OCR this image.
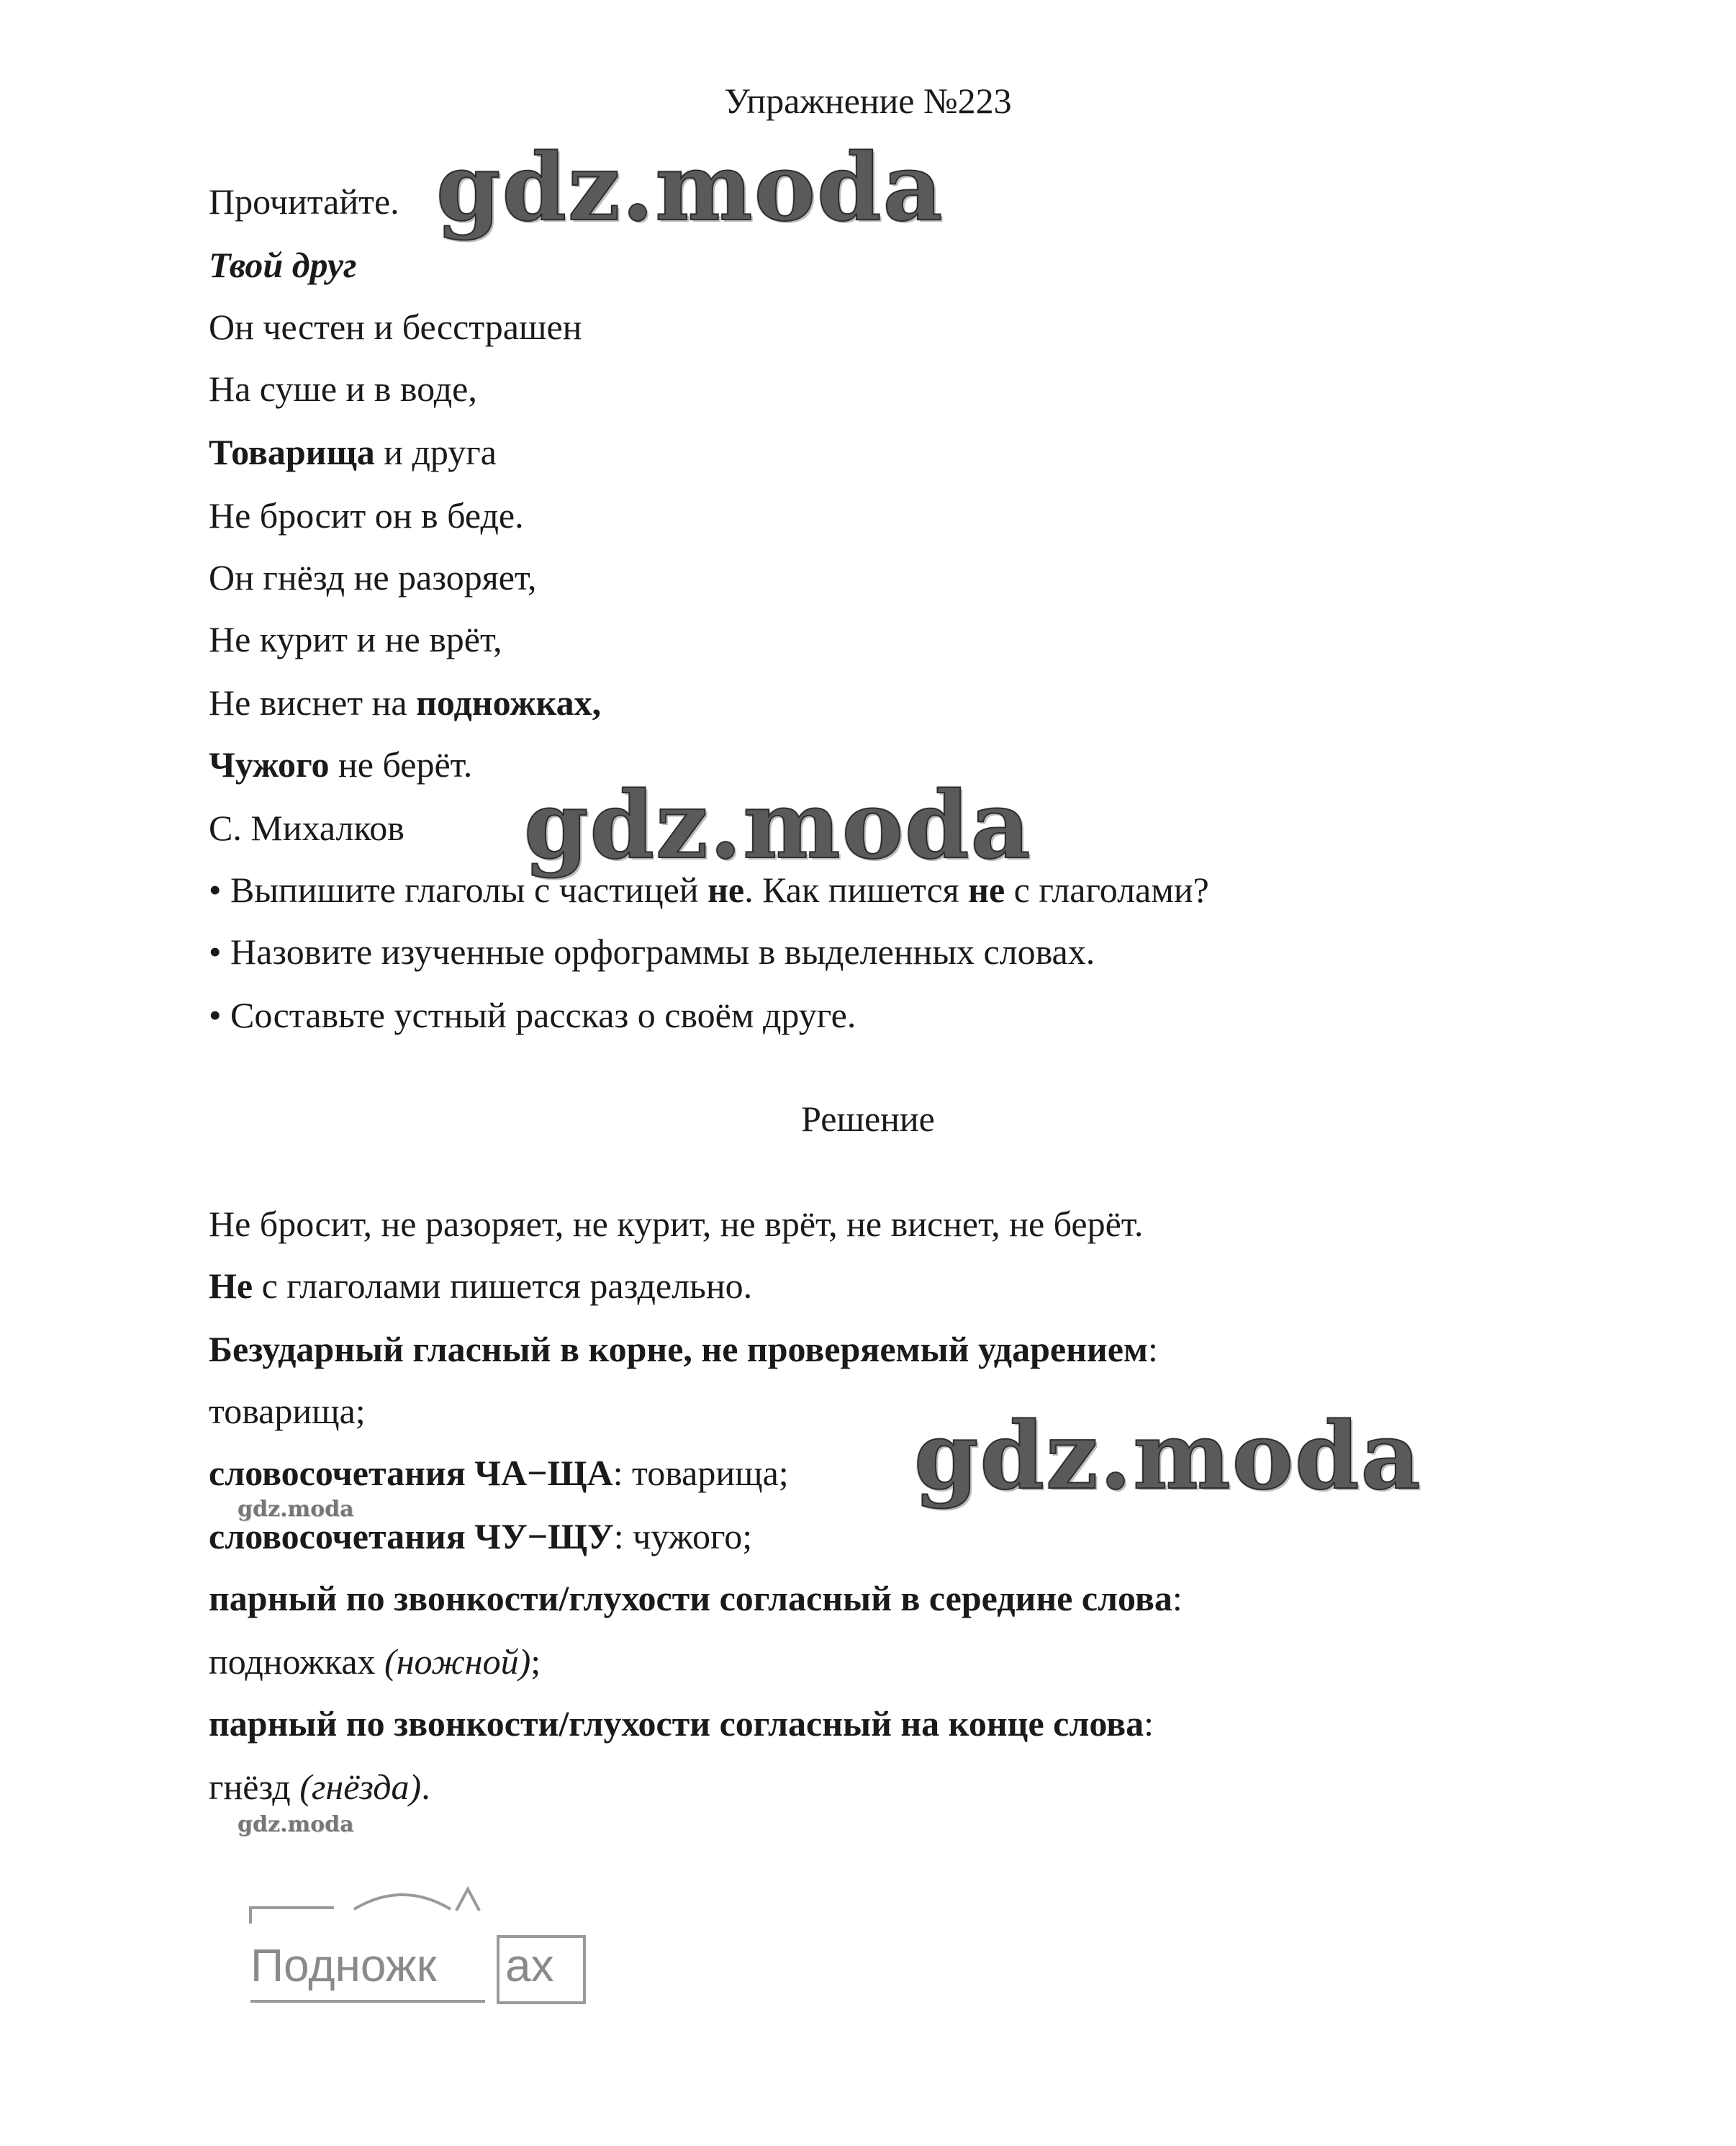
Упражнение №223
Прочитайте.
Твой друг
Он честен и бесстрашен
На суше и в воде,
Товарища и друга
Не бросит он в беде.
Он гнёзд не разоряет,
Не курит и не врёт,
Не виснет на подножках,
Чужого не берёт.
С. Михалков
• Выпишите глаголы с частицей не. Как пишется не с глаголами?
• Назовите изученные орфограммы в выделенных словах.
• Составьте устный рассказ о своём друге.
Решение
Не бросит, не разоряет, не курит, не врёт, не виснет, не берёт.
Не с глаголами пишется раздельно.
Безударный гласный в корне, не проверяемый ударением:
товарища;
словосочетания ЧА−ЩА: товарища;
словосочетания ЧУ−ЩУ: чужого;
парный по звонкости/глухости согласный в середине слова:
подножках (ножной);
парный по звонкости/глухости согласный на конце слова:
гнёзд (гнёзда).
gdz.moda
gdz.moda
gdz.moda
gdz.moda
gdz.moda
Подножк ах
